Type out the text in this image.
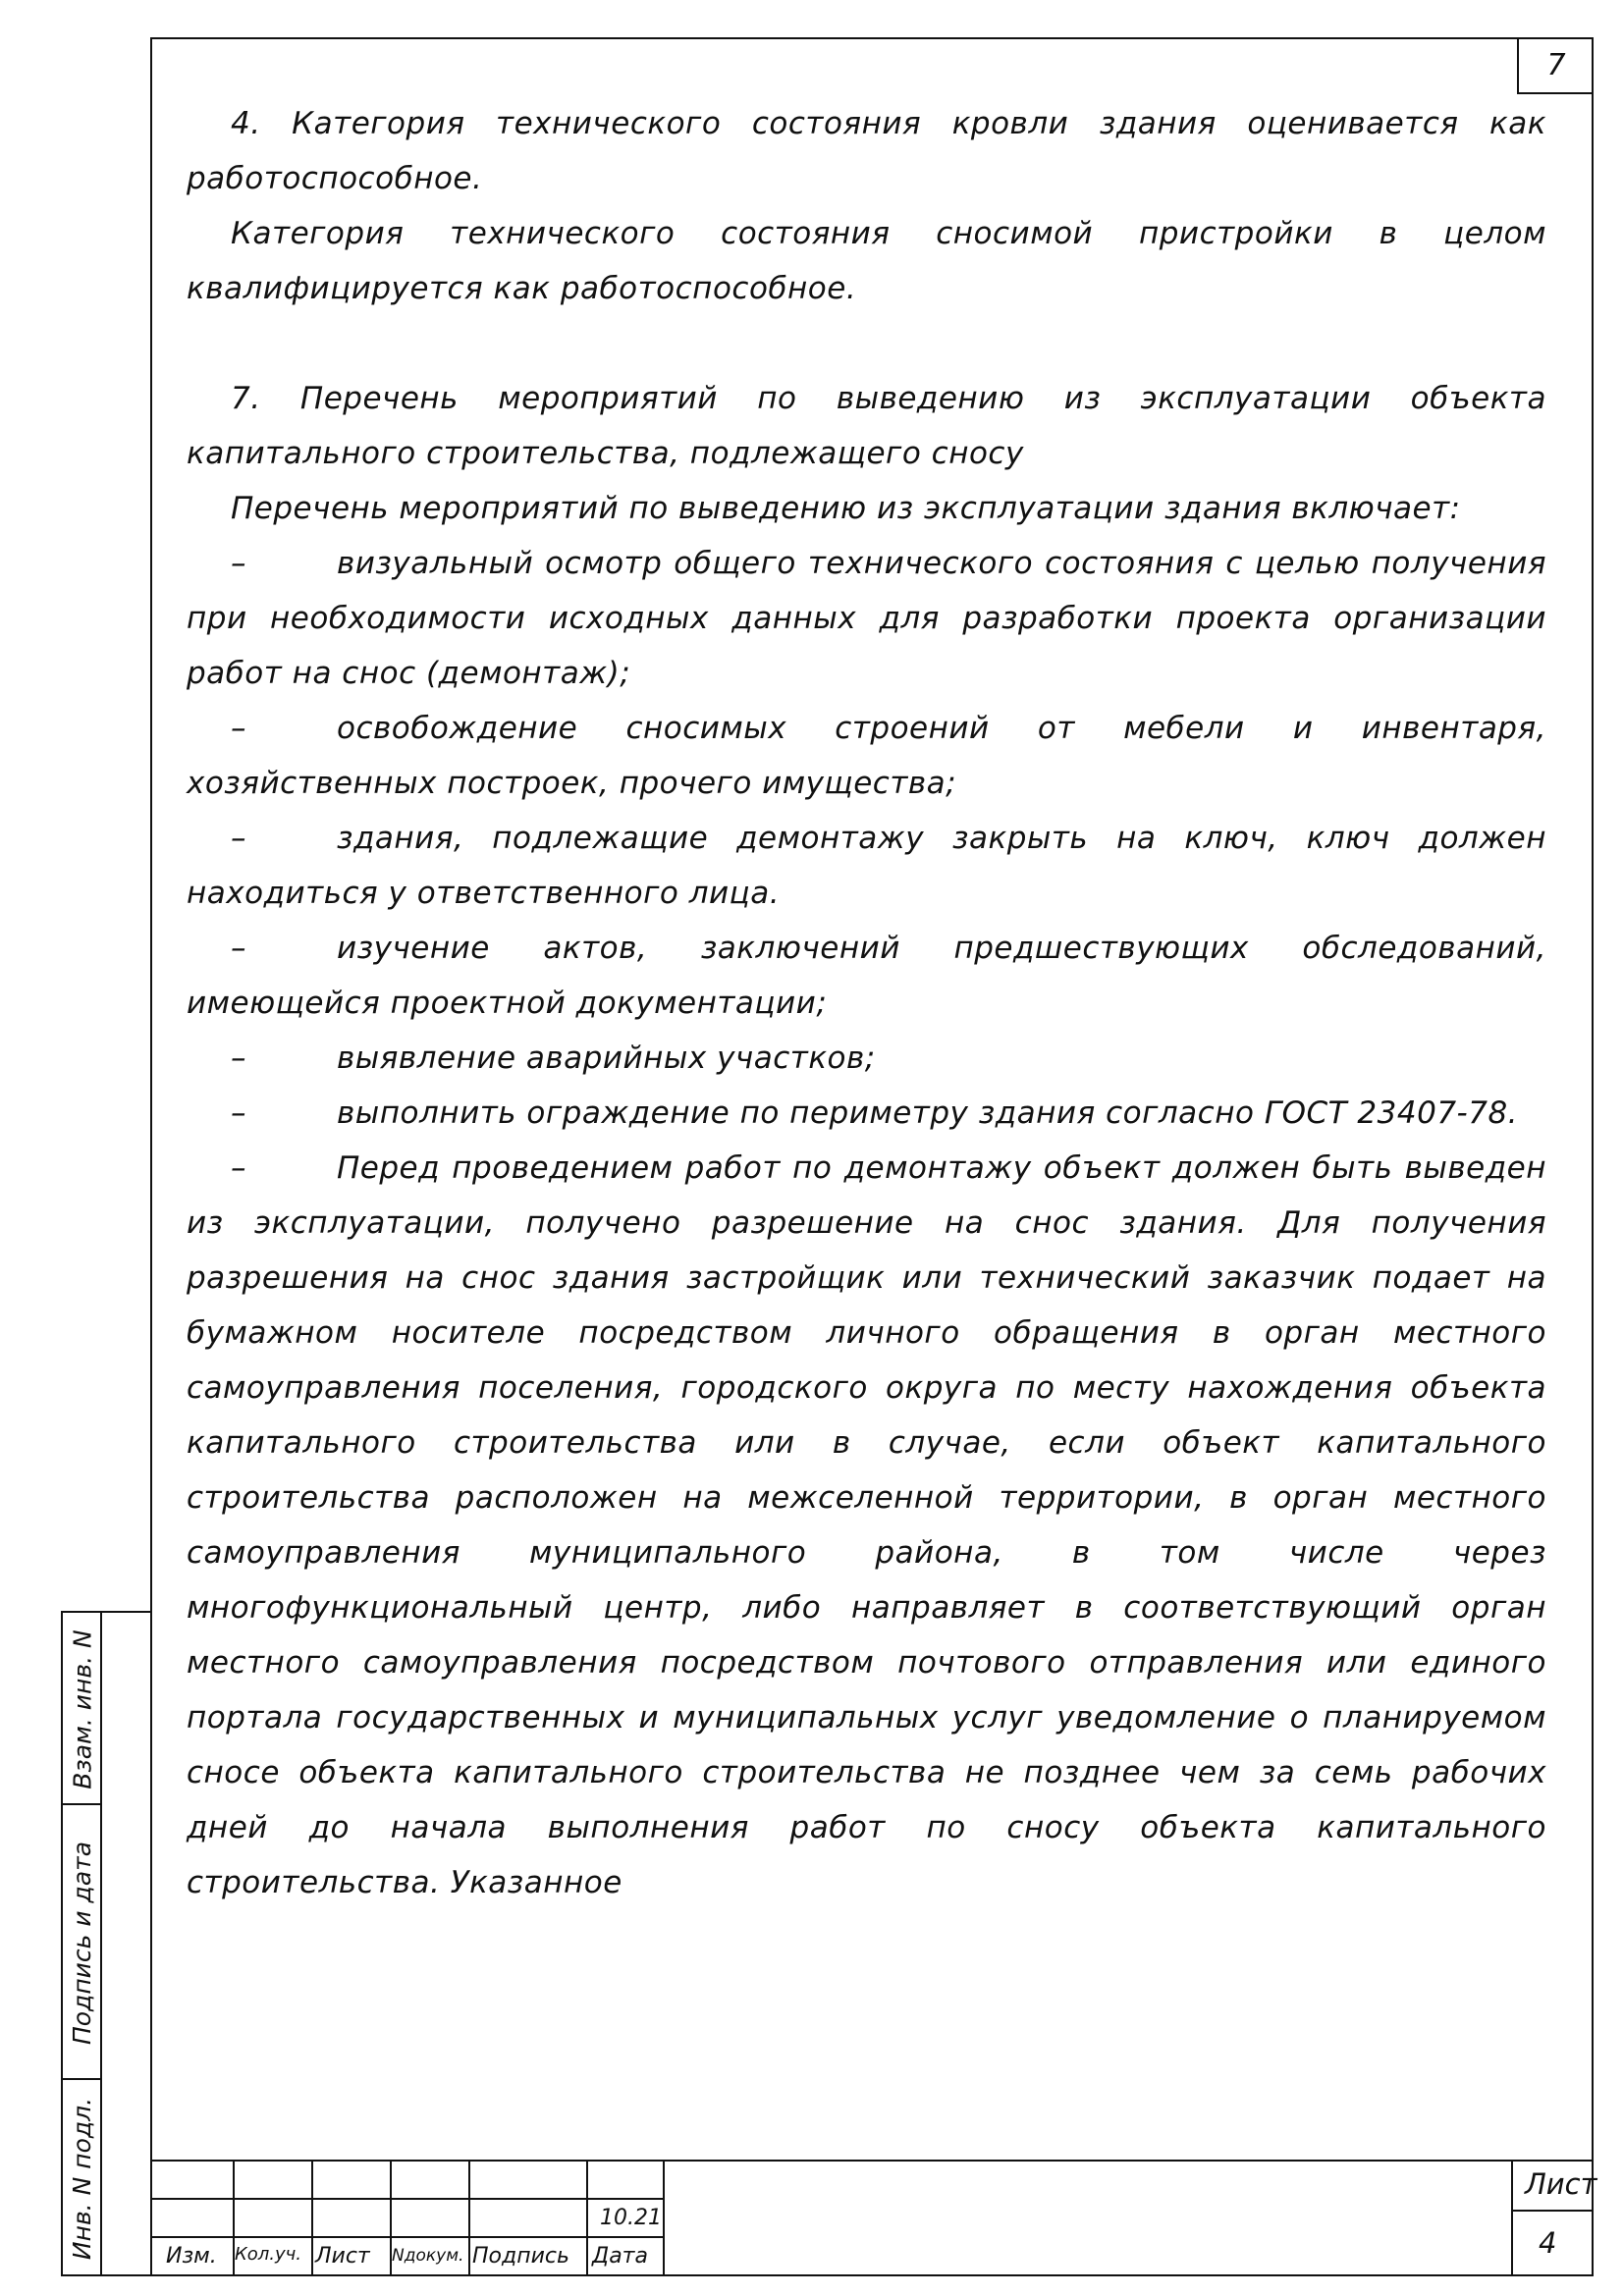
7

4. Категория технического состояния кровли здания оценивается как работоспособное.

Категория технического состояния сносимой пристройки в целом квалифицируется как работоспособное.

7. Перечень мероприятий по выведению из эксплуатации объекта капитального строительства, подлежащего сносу

Перечень мероприятий по выведению из эксплуатации здания включает:

–	визуальный осмотр общего технического состояния с целью получения при необходимости исходных данных для разработки проекта организации работ на снос (демонтаж);

–	освобождение сносимых строений от мебели и инвентаря, хозяйственных построек, прочего имущества;

–	здания, подлежащие демонтажу закрыть на ключ, ключ должен находиться у ответственного лица.

–	изучение актов, заключений предшествующих обследований, имеющейся проектной документации;

–	выявление аварийных участков;

–	выполнить ограждение по периметру здания согласно ГОСТ 23407-78.

–	Перед проведением работ по демонтажу объект должен быть выведен из эксплуатации, получено разрешение на снос здания. Для получения разрешения на снос здания застройщик или технический заказчик подает на бумажном носителе посредством личного обращения в орган местного самоуправления поселения, городского округа по месту нахождения объекта капитального строительства или в случае, если объект капитального строительства расположен на межселенной территории, в орган местного самоуправления муниципального района, в том числе через многофункциональный центр, либо направляет в соответствующий орган местного самоуправления посредством почтового отправления или единого портала государственных и муниципальных услуг уведомление о планируемом сносе объекта капитального строительства не позднее чем за семь рабочих дней до начала выполнения работ по сносу объекта капитального строительства. Указанное

Взам. инв. N
Подпись и дата
Инв. N подл.	Изм. Кол.уч. Лист Nдокум. Подпись Дата
10.21
Лист
4
